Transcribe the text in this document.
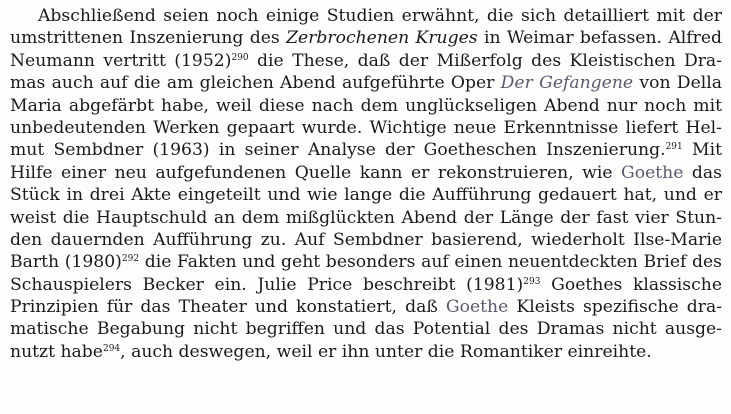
Abschließend seien noch einige Studien erwähnt, die sich detailliert mit der
umstrittenen Inszenierung des Zerbrochenen Kruges in Weimar befassen. Alfred
Neumann vertritt $(1952)^{290}$ die These, daß der Mißerfolg des Kleistischen Dra-
mas auch auf die am gleichen Abend aufgeführte Oper Der Gefangene von Della
Maria abgefärbt habe, weil diese nach dem unglückseligen Abend nur noch mit
unbedeutenden Werken gepaart wurde. Wichtige neue Erkenntnisse liefert Hel-
mut Sembdner (1963) in seiner Analyse der Goetheschen Inszenierung.$^{291}$ Mit
Hilfe einer neu aufgefundenen Quelle kann er rekonstruieren, wie Goethe das
Stück in drei Akte eingeteilt und wie lange die Aufführung gedauert hat, und er
weist die Hauptschuld an dem mißglückten Abend der Länge der fast vier Stun-
den dauernden Aufführung zu. Auf Sembdner basierend, wiederholt Ilse-Marie
Barth $(1980)^{292}$ die Fakten und geht besonders auf einen neuentdeckten Brief des
Schauspielers Becker ein. Julie Price beschreibt $(1981)^{293}$ Goethes klassische
Prinzipien für das Theater und konstatiert, daß Goethe Kleists spezifische dra-
matische Begabung nicht begriffen und das Potential des Dramas nicht ausge-
nutzt habe$^{294}$, auch deswegen, weil er ihn unter die Romantiker einreihte.
